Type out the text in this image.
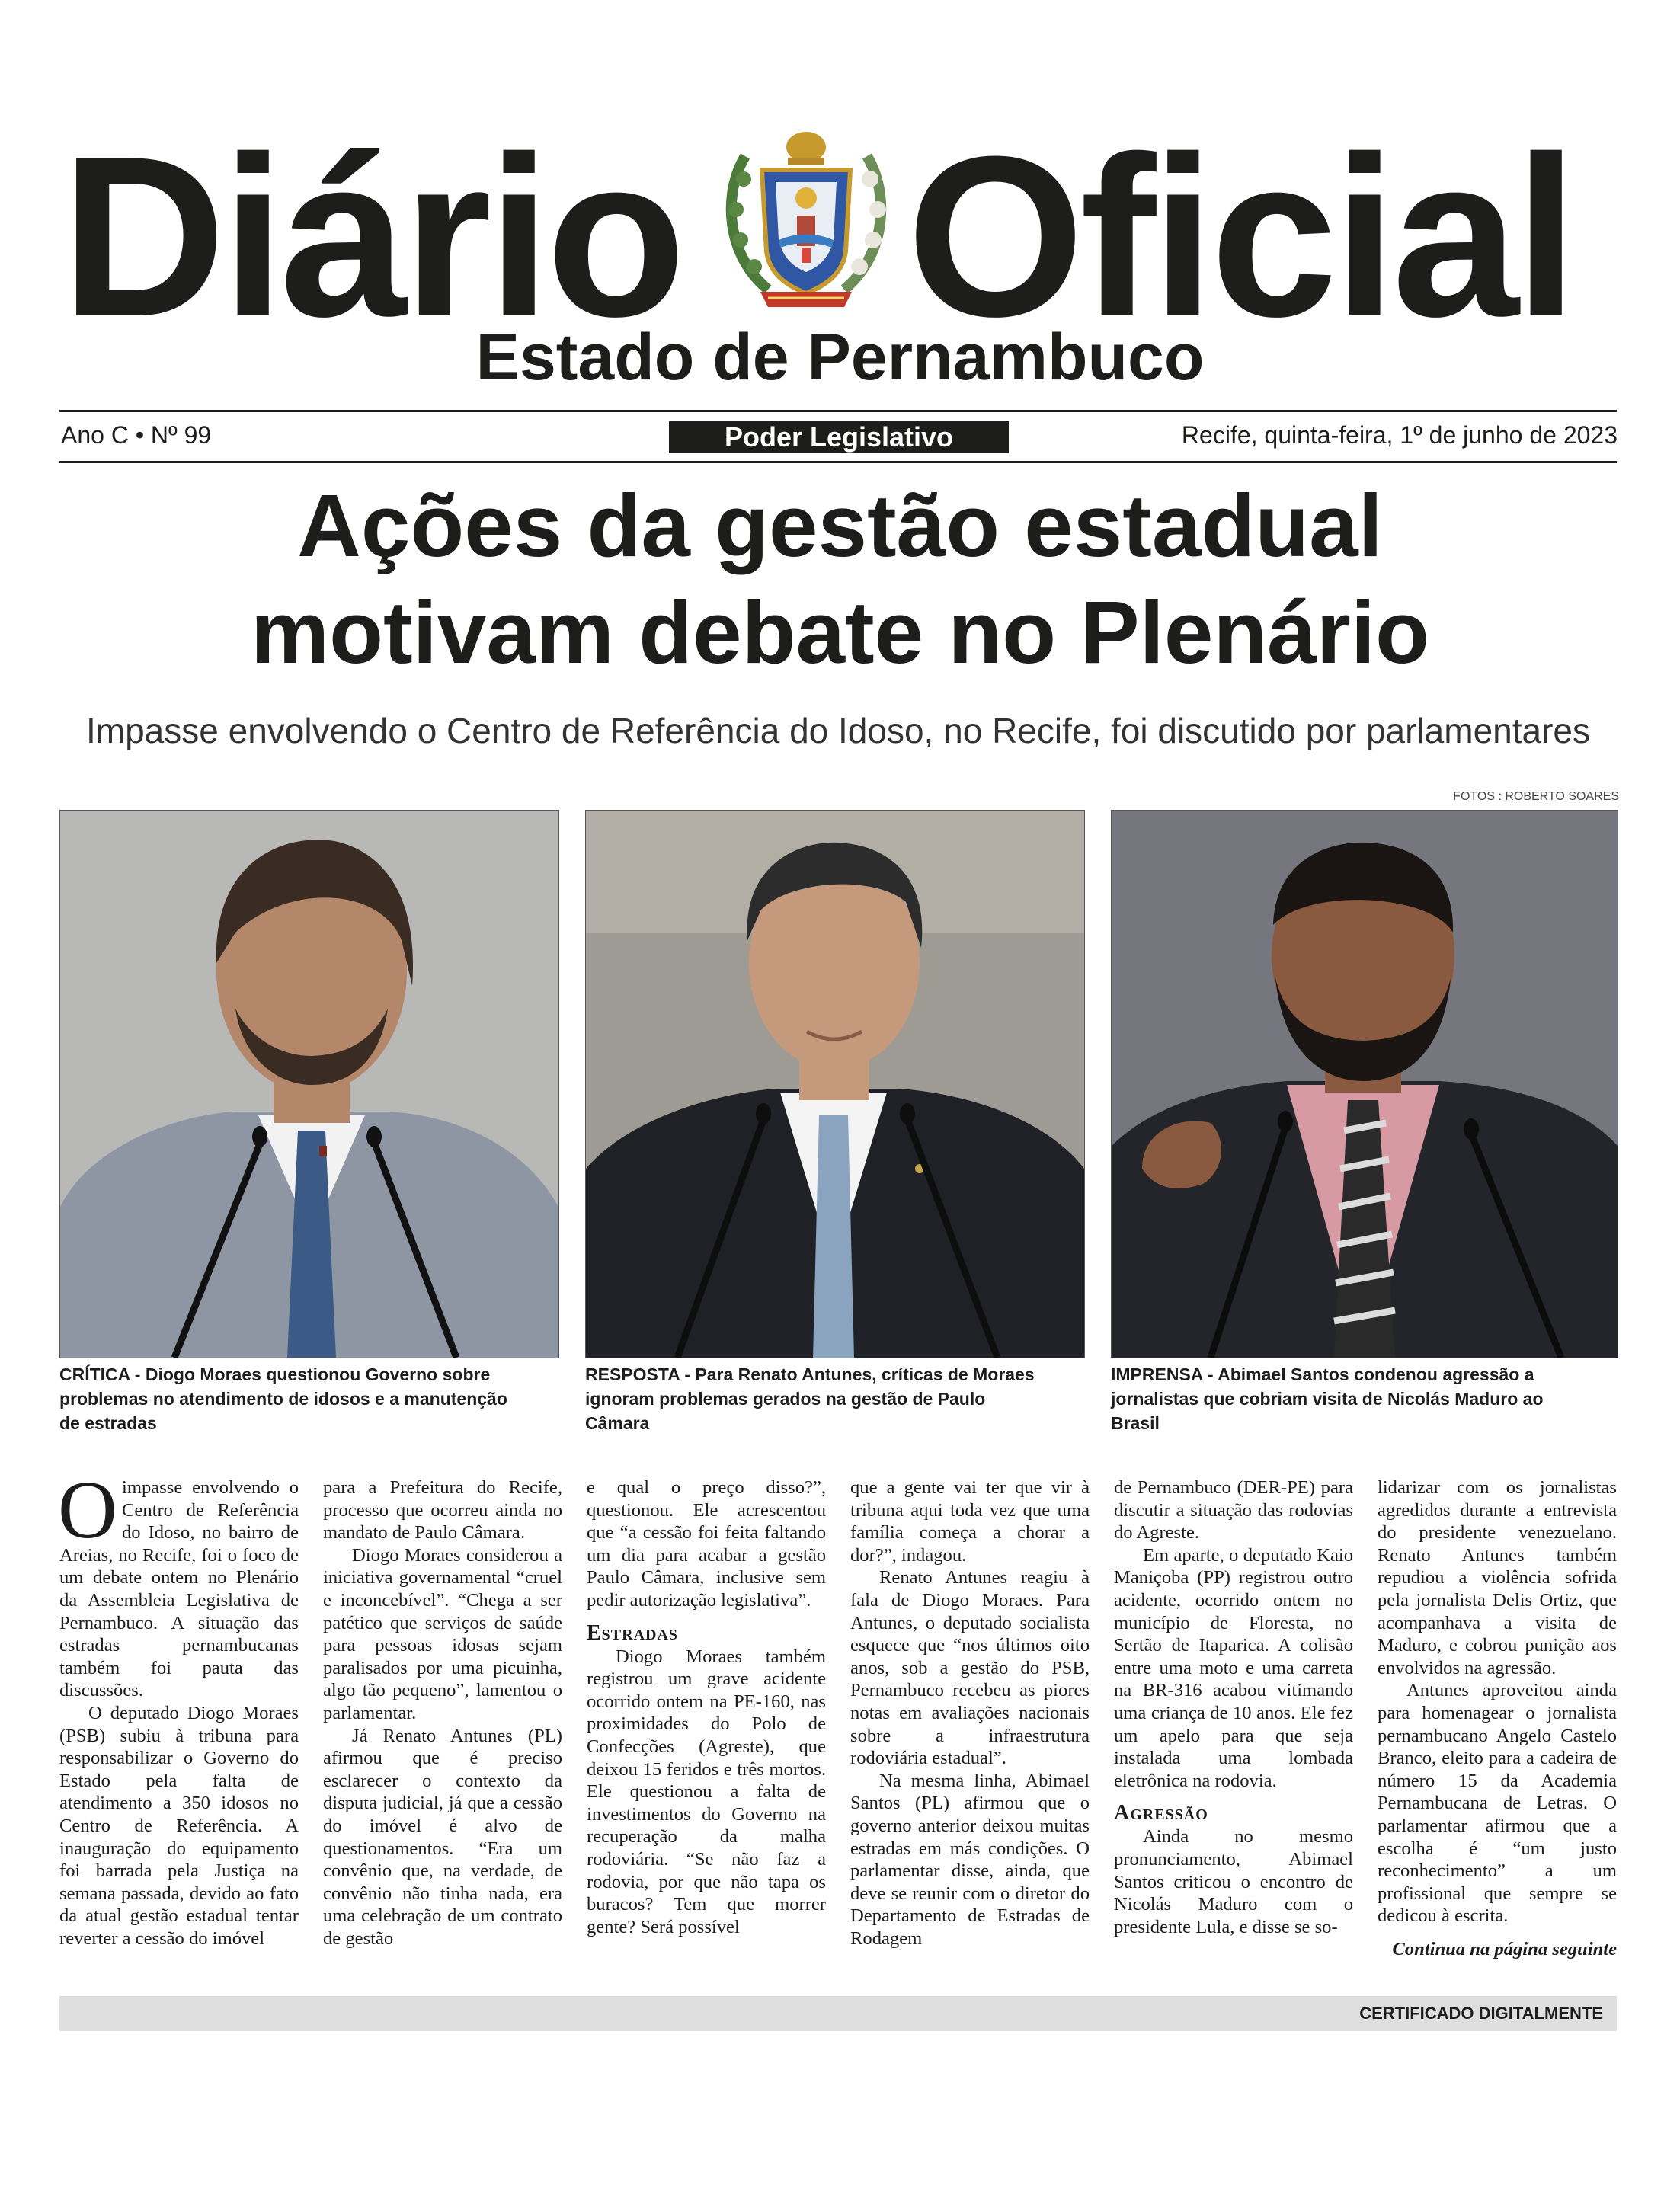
Diário Oficial
Estado de Pernambuco
Ano C • Nº 99	Poder Legislativo	Recife, quinta-feira, 1º de junho de 2023
Ações da gestão estadual
motivam debate no Plenário
Impasse envolvendo o Centro de Referência do Idoso, no Recife, foi discutido por parlamentares
FOTOS : ROBERTO SOARES
CRÍTICA - Diogo Moraes questionou Governo sobre problemas no atendimento de idosos e a manutenção de estradas
RESPOSTA - Para Renato Antunes, críticas de Moraes ignoram problemas gerados na gestão de Paulo Câmara
IMPRENSA - Abimael Santos condenou agressão a jornalistas que cobriam visita de Nicolás Maduro ao Brasil

Oimpasse envolvendo o Centro de Referência do Idoso, no bairro de Areias, no Recife, foi o foco de um debate ontem no Plenário da Assembleia Legislativa de Pernambuco. A situação das estradas pernambucanas também foi pauta das discussões.

O deputado Diogo Moraes (PSB) subiu à tribuna para responsabilizar o Governo do Estado pela falta de atendimento a 350 idosos no Centro de Referência. A inauguração do equipamento foi barrada pela Justiça na semana passada, devido ao fato da atual gestão estadual tentar reverter a cessão do imóvel

para a Prefeitura do Recife, processo que ocorreu ainda no mandato de Paulo Câmara.

Diogo Moraes considerou a iniciativa governamental “cruel e inconcebível”. “Chega a ser patético que serviços de saúde para pessoas idosas sejam paralisados por uma picuinha, algo tão pequeno”, lamentou o parlamentar.

Já Renato Antunes (PL) afirmou que é preciso esclarecer o contexto da disputa judicial, já que a cessão do imóvel é alvo de questionamentos. “Era um convênio que, na verdade, de convênio não tinha nada, era uma celebração de um contrato de gestão

e qual o preço disso?”, questionou. Ele acrescentou que “a cessão foi feita faltando um dia para acabar a gestão Paulo Câmara, inclusive sem pedir autorização legislativa”.

Estradas

Diogo Moraes também registrou um grave acidente ocorrido ontem na PE-160, nas proximidades do Polo de Confecções (Agreste), que deixou 15 feridos e três mortos. Ele questionou a falta de investimentos do Governo na recuperação da malha rodoviária. “Se não faz a rodovia, por que não tapa os buracos? Tem que morrer gente? Será possível

que a gente vai ter que vir à tribuna aqui toda vez que uma família começa a chorar a dor?”, indagou.

Renato Antunes reagiu à fala de Diogo Moraes. Para Antunes, o deputado socialista esquece que “nos últimos oito anos, sob a gestão do PSB, Pernambuco recebeu as piores notas em avaliações nacionais sobre a infraestrutura rodoviária estadual”.

Na mesma linha, Abimael Santos (PL) afirmou que o governo anterior deixou muitas estradas em más condições. O parlamentar disse, ainda, que deve se reunir com o diretor do Departamento de Estradas de Rodagem

de Pernambuco (DER-PE) para discutir a situação das rodovias do Agreste.

Em aparte, o deputado Kaio Maniçoba (PP) registrou outro acidente, ocorrido ontem no município de Floresta, no Sertão de Itaparica. A colisão entre uma moto e uma carreta na BR-316 acabou vitimando uma criança de 10 anos. Ele fez um apelo para que seja instalada uma lombada eletrônica na rodovia.

Agressão

Ainda no mesmo pronunciamento, Abimael Santos criticou o encontro de Nicolás Maduro com o presidente Lula, e disse se so-

lidarizar com os jornalistas agredidos durante a entrevista do presidente venezuelano. Renato Antunes também repudiou a violência sofrida pela jornalista Delis Ortiz, que acompanhava a visita de Maduro, e cobrou punição aos envolvidos na agressão.

Antunes aproveitou ainda para homenagear o jornalista pernambucano Angelo Castelo Branco, eleito para a cadeira de número 15 da Academia Pernambucana de Letras. O parlamentar afirmou que a escolha é “um justo reconhecimento” a um profissional que sempre se dedicou à escrita.

Continua na página seguinte

CERTIFICADO DIGITALMENTE
